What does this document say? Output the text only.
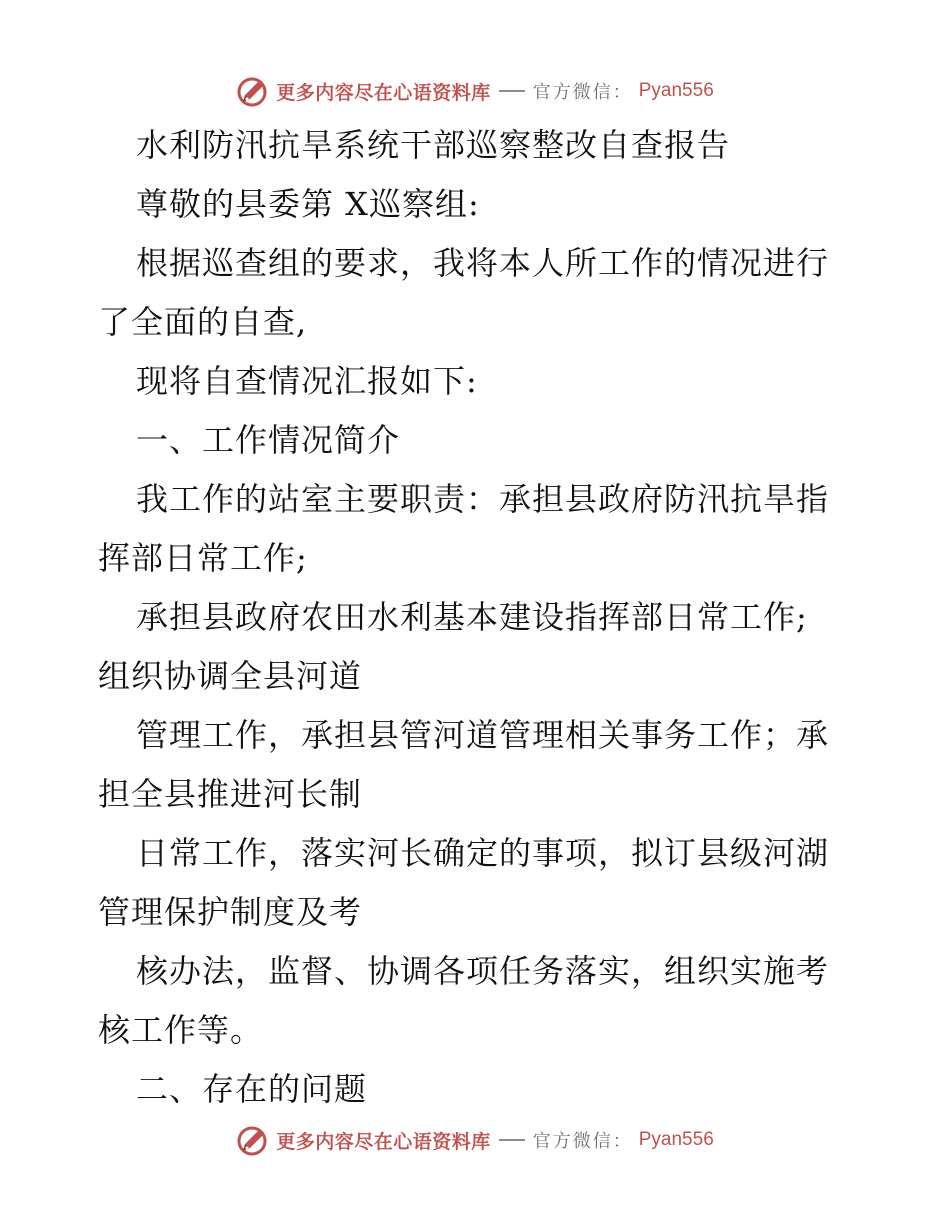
更多内容尽在心语资料库 官方微信： Pyan556
水利防汛抗旱系统干部巡察整改自查报告
尊敬的县委第 X巡察组:
根据巡查组的要求，我将本人所工作的情况进行
了全面的自查,
现将自查情况汇报如下:
一、工作情况简介
我工作的站室主要职责：承担县政府防汛抗旱指
挥部日常工作;
承担县政府农田水利基本建设指挥部日常工作;
组织协调全县河道
管理工作，承担县管河道管理相关事务工作；承
担全县推进河长制
日常工作，落实河长确定的事项，拟订县级河湖
管理保护制度及考
核办法，监督、协调各项任务落实，组织实施考
核工作等。
二、存在的问题
更多内容尽在心语资料库 官方微信： Pyan556
